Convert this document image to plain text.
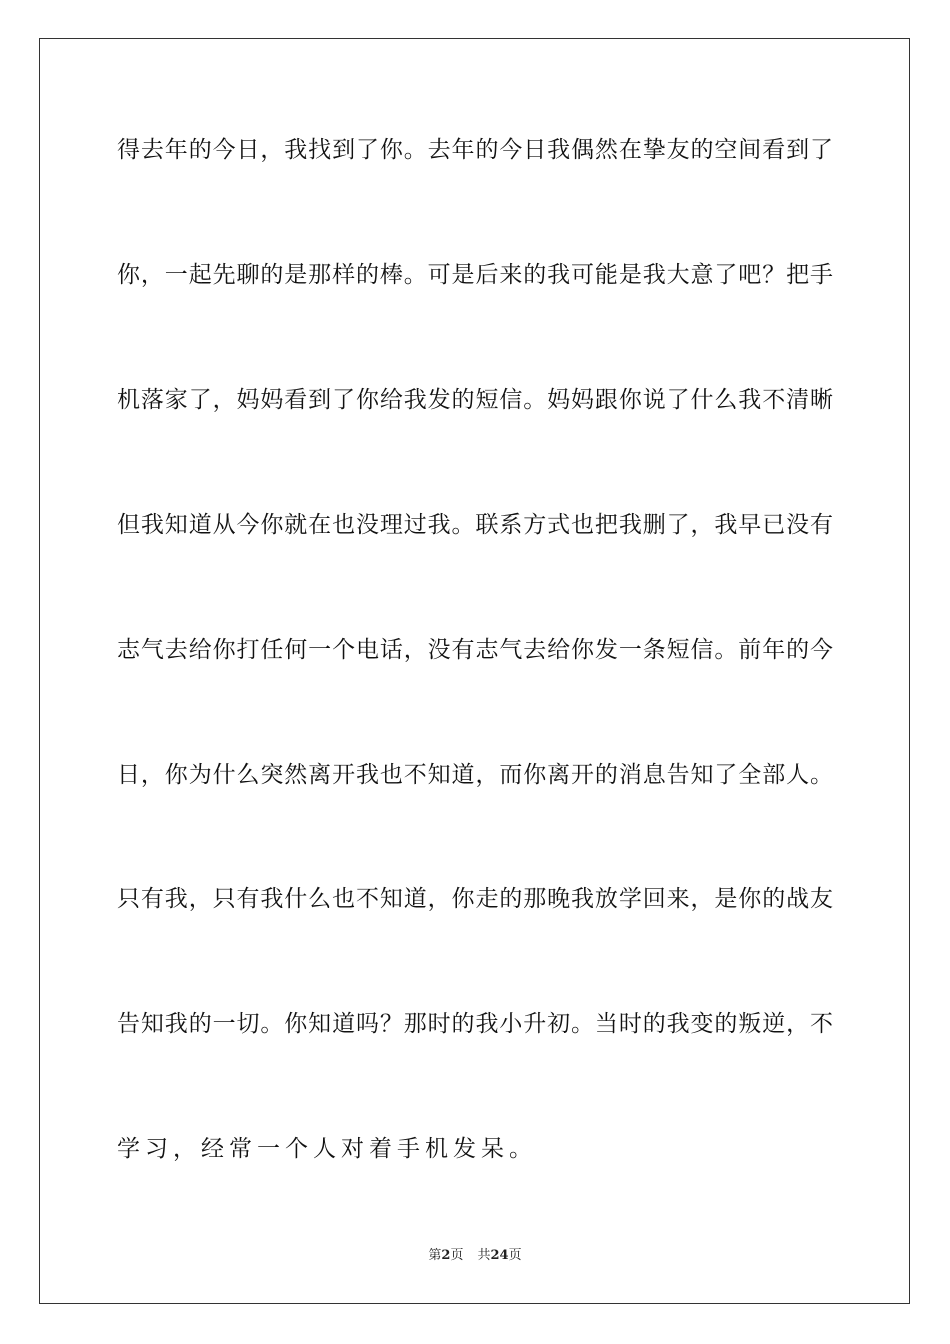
得去年的今日，我找到了你。去年的今日我偶然在挚友的空间看到了
你，一起先聊的是那样的棒。可是后来的我可能是我大意了吧？把手
机落家了，妈妈看到了你给我发的短信。妈妈跟你说了什么我不清晰
但我知道从今你就在也没理过我。联系方式也把我删了，我早已没有
志气去给你打任何一个电话，没有志气去给你发一条短信。前年的今
日，你为什么突然离开我也不知道，而你离开的消息告知了全部人。
只有我，只有我什么也不知道，你走的那晚我放学回来，是你的战友
告知我的一切。你知道吗？那时的我小升初。当时的我变的叛逆，不
学习，经常一个人对着手机发呆。
第2页 共24页
